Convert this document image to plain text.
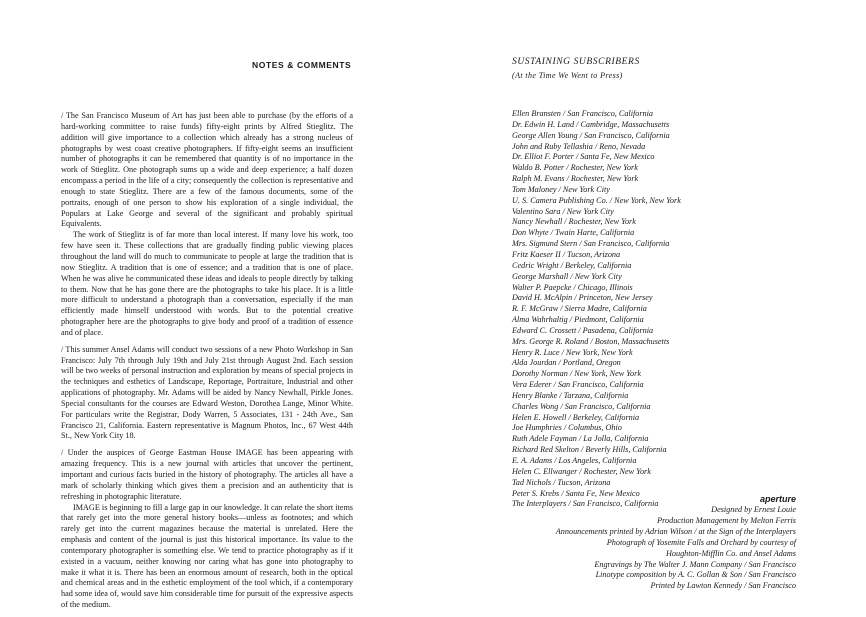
NOTES & COMMENTS

/ The San Francisco Museum of Art has just been able to purchase (by the efforts of a hard-working committee to raise funds) fifty-eight prints by Alfred Stieglitz. The addition will give importance to a collection which already has a strong nucleus of photographs by west coast creative photographers. If fifty-eight seems an insufficient number of photographs it can be remembered that quantity is of no importance in the work of Stieglitz. One photograph sums up a wide and deep experience; a half dozen encompass a period in the life of a city; consequently the collection is representative and enough to state Stieglitz. There are a few of the famous documents, some of the portraits, enough of one person to show his exploration of a single individual, the Populars at Lake George and several of the significant and probably spiritual Equivalents.

The work of Stieglitz is of far more than local interest. If many love his work, too few have seen it. These collections that are gradually finding public viewing places throughout the land will do much to communicate to people at large the tradition that is now Stieglitz. A tradition that is one of essence; and a tradition that is one of place. When he was alive he communicated these ideas and ideals to people directly by talking to them. Now that he has gone there are the photographs to take his place. It is a little more difficult to understand a photograph than a conversation, especially if the man efficiently made himself understood with words. But to the potential creative photographer here are the photographs to give body and proof of a tradition of essence and of place.

/ This summer Ansel Adams will conduct two sessions of a new Photo Workshop in San Francisco: July 7th through July 19th and July 21st through August 2nd. Each session will be two weeks of personal instruction and exploration by means of special projects in the techniques and esthetics of Landscape, Reportage, Portraiture, Industrial and other applications of photography. Mr. Adams will be aided by Nancy Newhall, Pirkle Jones. Special consultants for the courses are Edward Weston, Dorothea Lange, Minor White. For particulars write the Registrar, Dody Warren, 5 Associates, 131 - 24th Ave., San Francisco 21, California. Eastern representative is Magnum Photos, Inc., 67 West 44th St., New York City 18.

/ Under the auspices of George Eastman House IMAGE has been appearing with amazing frequency. This is a new journal with articles that uncover the pertinent, important and curious facts buried in the history of photography. The articles all have a mark of scholarly thinking which gives them a precision and an authenticity that is refreshing in photographic literature.

IMAGE is beginning to fill a large gap in our knowledge. It can relate the short items that rarely get into the more general history books—unless as footnotes; and which rarely get into the current magazines because the material is unrelated. Here the emphasis and content of the journal is just this historical importance. Its value to the contemporary photographer is something else. We tend to practice photography as if it existed in a vacuum, neither knowing nor caring what has gone into photography to make it what it is. There has been an enormous amount of research, both in the optical and chemical areas and in the esthetic employment of the tool which, if a contemporary had some idea of, would save him considerable time for pursuit of the expressive aspects of the medium.

SUSTAINING SUBSCRIBERS
(At the Time We Went to Press)
Ellen Bransten / San Francisco, California
Dr. Edwin H. Land / Cambridge, Massachusetts
George Allen Young / San Francisco, California
John and Ruby Tellashia / Reno, Nevada
Dr. Elliot F. Porter / Santa Fe, New Mexico
Waldo B. Potter / Rochester, New York
Ralph M. Evans / Rochester, New York
Tom Maloney / New York City
U. S. Camera Publishing Co. / New York, New York
Valentino Sara / New York City
Nancy Newhall / Rochester, New York
Don Whyte / Twain Harte, California
Mrs. Sigmund Stern / San Francisco, California
Fritz Kaeser II / Tucson, Arizona
Cedric Wright / Berkeley, California
George Marshall / New York City
Walter P. Paepcke / Chicago, Illinois
David H. McAlpin / Princeton, New Jersey
R. F. McGraw / Sierra Madre, California
Alma Wahrhaltig / Piedmont, California
Edward C. Crossett / Pasadena, California
Mrs. George R. Roland / Boston, Massachusetts
Henry R. Luce / New York, New York
Alda Jourdan / Portland, Oregon
Dorothy Norman / New York, New York
Vera Ederer / San Francisco, California
Henry Blanke / Tarzana, California
Charles Wong / San Francisco, California
Helen E. Howell / Berkeley, California
Joe Humphries / Columbus, Ohio
Ruth Adele Fayman / La Jolla, California
Richard Red Skelton / Beverly Hills, California
E. A. Adams / Los Angeles, California
Helen C. Ellwanger / Rochester, New York
Tad Nichols / Tucson, Arizona
Peter S. Krebs / Santa Fe, New Mexico
The Interplayers / San Francisco, California	aperture
Designed by Ernest Louie
Production Management by Melton Ferris
Announcements printed by Adrian Wilson / at the Sign of the Interplayers
Photograph of Yosemite Falls and Orchard by courtesy of
Houghton-Mifflin Co. and Ansel Adams
Engravings by The Walter J. Mann Company / San Francisco
Linotype composition by A. C. Gollan & Son / San Francisco
Printed by Lawton Kennedy / San Francisco
